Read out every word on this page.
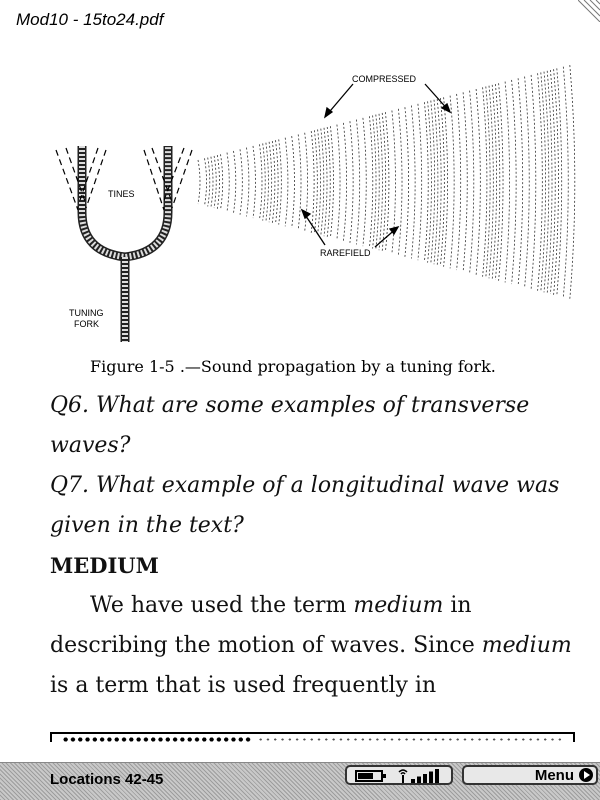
Mod10 - 15to24.pdf
COMPRESSED
RAREFIELD
TINES
TUNING
FORK
Figure 1-5 .—Sound propagation by a tuning fork.
Q6. What are some examples of transverse waves?
Q7. What example of a longitudinal wave was given in the text?
MEDIUM
We have used the term medium in describing the motion of waves. Since medium is a term that is used frequently in
Locations 42-45	Menu
